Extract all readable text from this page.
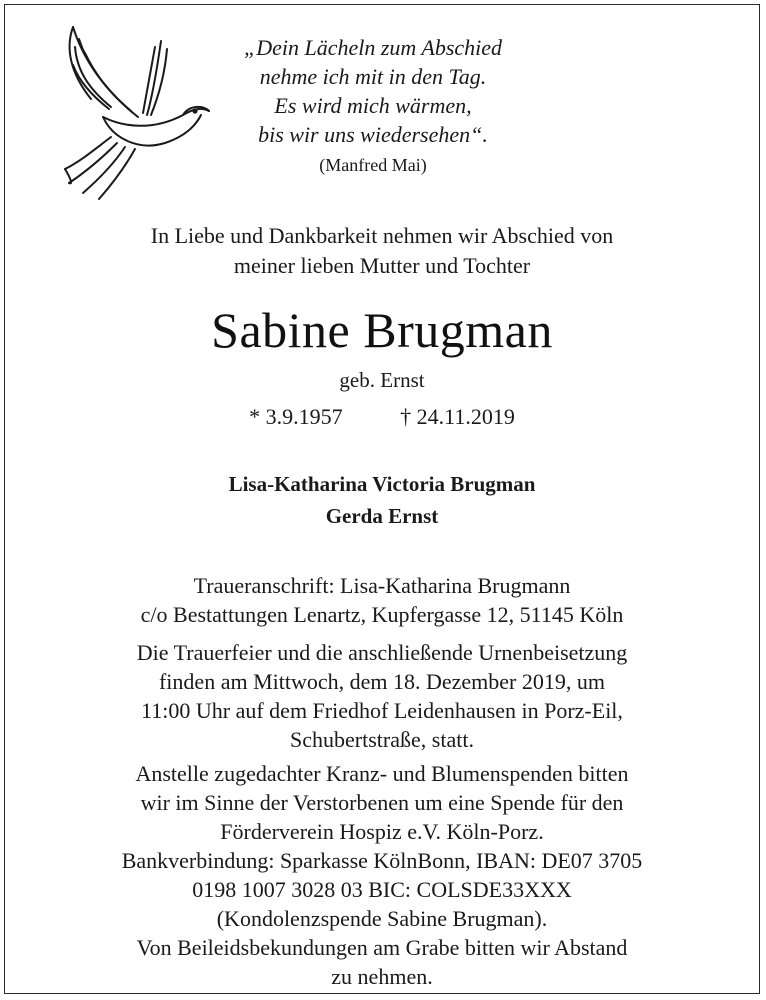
„Dein Lächeln zum Abschied
nehme ich mit in den Tag.
Es wird mich wärmen,
bis wir uns wiedersehen“.
(Manfred Mai)
In Liebe und Dankbarkeit nehmen wir Abschied von
meiner lieben Mutter und Tochter
Sabine Brugman
geb. Ernst
* 3.9.1957	† 24.11.2019
Lisa-Katharina Victoria Brugman
Gerda Ernst
Traueranschrift: Lisa-Katharina Brugmann
c/o Bestattungen Lenartz, Kupfergasse 12, 51145 Köln
Die Trauerfeier und die anschließende Urnenbeisetzung
finden am Mittwoch, dem 18. Dezember 2019, um
11:00 Uhr auf dem Friedhof Leidenhausen in Porz-Eil,
Schubertstraße, statt.
Anstelle zugedachter Kranz- und Blumenspenden bitten
wir im Sinne der Verstorbenen um eine Spende für den
Förderverein Hospiz e.V. Köln-Porz.
Bankverbindung: Sparkasse KölnBonn, IBAN: DE07 3705
0198 1007 3028 03 BIC: COLSDE33XXX
(Kondolenzspende Sabine Brugman).
Von Beileidsbekundungen am Grabe bitten wir Abstand
zu nehmen.
